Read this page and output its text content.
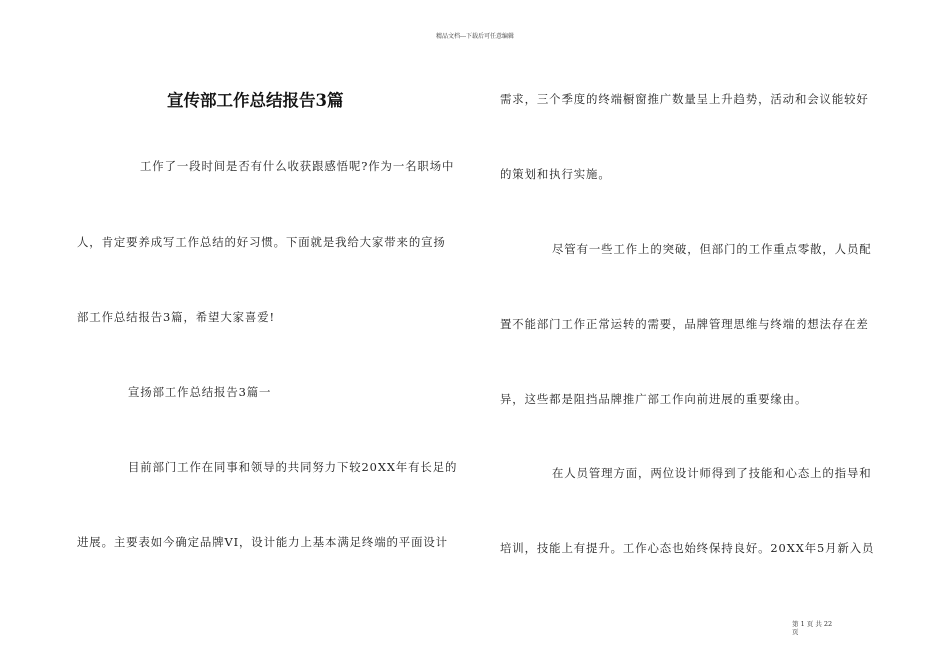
精品文档---下载后可任意编辑
宣传部工作总结报告3篇
工作了一段时间是否有什么收获跟感悟呢?作为一名职场中
人，肯定要养成写工作总结的好习惯。下面就是我给大家带来的宣扬
部工作总结报告3篇，希望大家喜爱!
宣扬部工作总结报告3篇一
目前部门工作在同事和领导的共同努力下较20XX年有长足的
进展。主要表如今确定品牌VI，设计能力上基本满足终端的平面设计
需求，三个季度的终端橱窗推广数量呈上升趋势，活动和会议能较好
的策划和执行实施。
尽管有一些工作上的突破，但部门的工作重点零散，人员配
置不能部门工作正常运转的需要，品牌管理思维与终端的想法存在差
异，这些都是阻挡品牌推广部工作向前进展的重要缘由。
在人员管理方面，两位设计师得到了技能和心态上的指导和
培训，技能上有提升。工作心态也始终保持良好。20XX年5月新入员
第 1 页 共 22
页
